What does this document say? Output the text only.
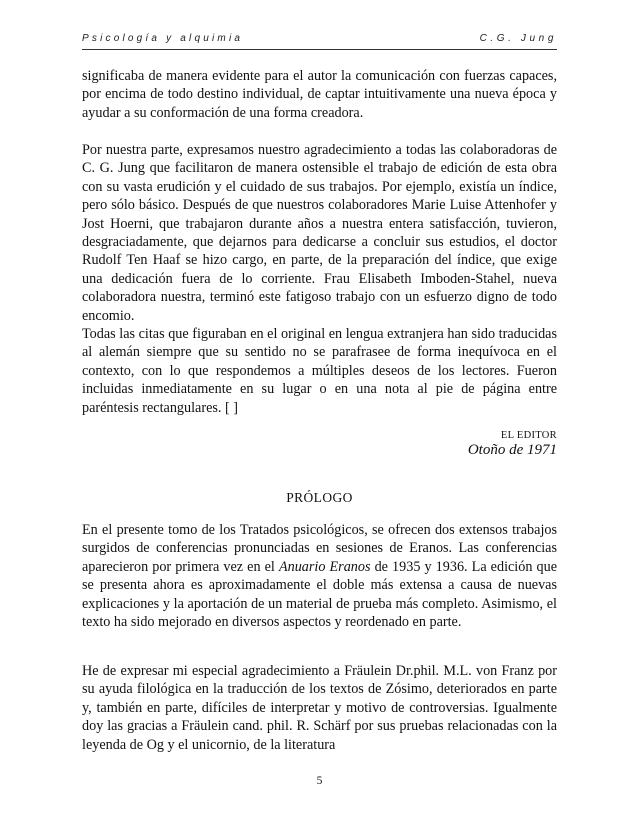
Psicología y alquimia	C.G. Jung

significaba de manera evidente para el autor la comunicación con fuerzas capaces, por encima de todo destino individual, de captar intuitivamente una nueva época y ayudar a su conformación de una forma creadora.

Por nuestra parte, expresamos nuestro agradecimiento a todas las colaboradoras de C. G. Jung que facilitaron de manera ostensible el trabajo de edición de esta obra con su vasta erudición y el cuidado de sus trabajos. Por ejemplo, existía un índice, pero sólo básico. Después de que nuestros colaboradores Marie Luise Attenhofer y Jost Hoerni, que trabajaron durante años a nuestra entera satisfacción, tuvieron, desgraciadamente, que dejarnos para dedicarse a concluir sus estudios, el doctor Rudolf Ten Haaf se hizo cargo, en parte, de la preparación del índice, que exige una dedicación fuera de lo corriente. Frau Elisabeth Imboden-Stahel, nueva colaboradora nuestra, terminó este fatigoso trabajo con un esfuerzo digno de todo encomio.

Todas las citas que figuraban en el original en lengua extranjera han sido traducidas al alemán siempre que su sentido no se parafrasee de forma inequívoca en el contexto, con lo que respondemos a múltiples deseos de los lectores. Fueron incluidas inmediatamente en su lugar o en una nota al pie de página entre paréntesis rectangulares. [ ]

EL EDITOR
Otoño de 1971
PRÓLOGO

En el presente tomo de los Tratados psicológicos, se ofrecen dos extensos trabajos surgidos de conferencias pronunciadas en sesiones de Eranos. Las conferencias aparecieron por primera vez en el Anuario Eranos de 1935 y 1936. La edición que se presenta ahora es aproximadamente el doble más extensa a causa de nuevas explicaciones y la aportación de un material de prueba más completo. Asimismo, el texto ha sido mejorado en diversos aspectos y reordenado en parte.

He de expresar mi especial agradecimiento a Fräulein Dr.phil. M.L. von Franz por su ayuda filológica en la traducción de los textos de Zósimo, deteriorados en parte y, también en parte, difíciles de interpretar y motivo de controversias. Igualmente doy las gracias a Fräulein cand. phil. R. Schärf por sus pruebas relacionadas con la leyenda de Og y el unicornio, de la literatura

5
